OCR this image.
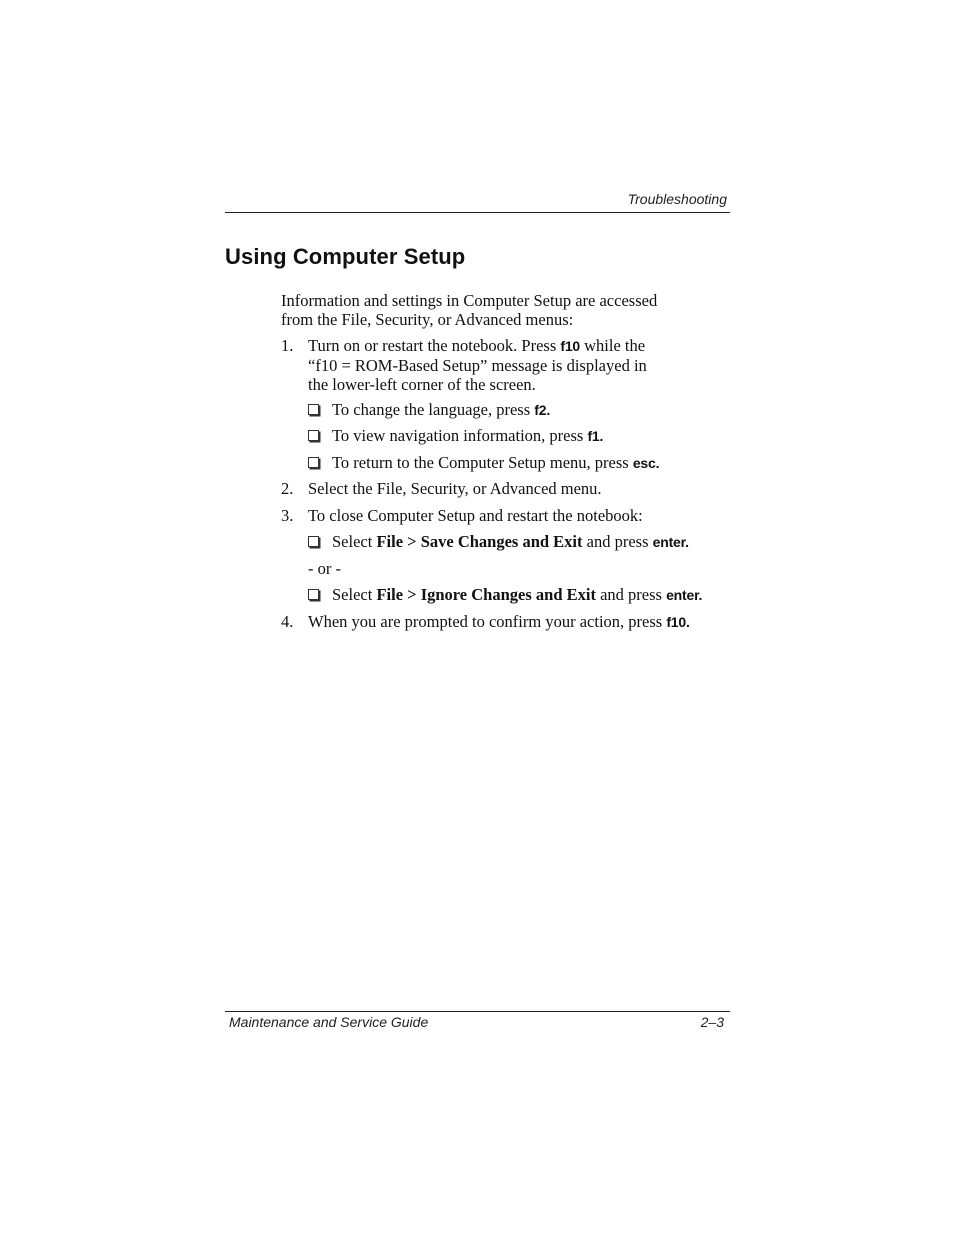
Troubleshooting
Using Computer Setup
Information and settings in Computer Setup are accessed
from the File, Security, or Advanced menus:
1. Turn on or restart the notebook. Press f10 while the
“f10 = ROM-Based Setup” message is displayed in
the lower-left corner of the screen.
To change the language, press f2.
To view navigation information, press f1.
To return to the Computer Setup menu, press esc.
2. Select the File, Security, or Advanced menu.
3. To close Computer Setup and restart the notebook:
Select File > Save Changes and Exit and press enter.
- or -
Select File > Ignore Changes and Exit and press enter.
4. When you are prompted to confirm your action, press f10.
Maintenance and Service Guide	2–3
